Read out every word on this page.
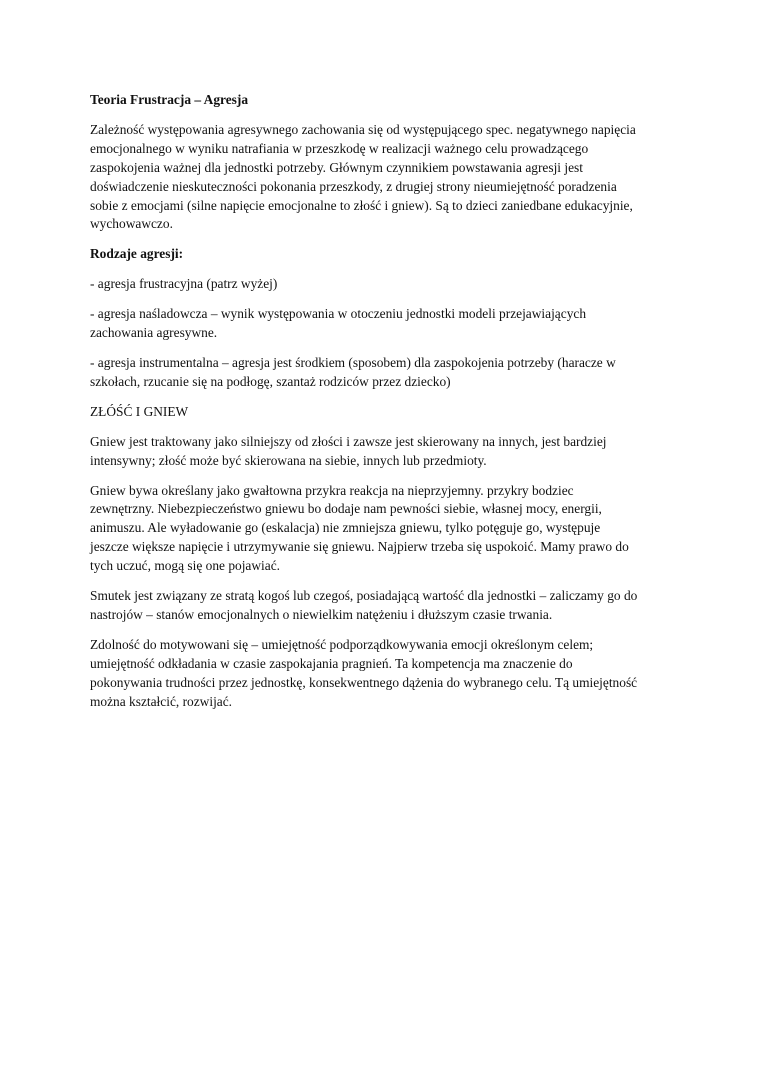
Teoria Frustracja – Agresja

Zależność występowania agresywnego zachowania się od występującego spec. negatywnego napięcia
emocjonalnego w wyniku natrafiania w przeszkodę w realizacji ważnego celu prowadzącego
zaspokojenia ważnej dla jednostki potrzeby. Głównym czynnikiem powstawania agresji jest
doświadczenie nieskuteczności pokonania przeszkody, z drugiej strony nieumiejętność poradzenia
sobie z emocjami (silne napięcie emocjonalne to złość i gniew). Są to dzieci zaniedbane edukacyjnie,
wychowawczo.

Rodzaje agresji:

- agresja frustracyjna (patrz wyżej)

- agresja naśladowcza – wynik występowania w otoczeniu jednostki modeli przejawiających
zachowania agresywne.

- agresja instrumentalna – agresja jest środkiem (sposobem) dla zaspokojenia potrzeby (haracze w
szkołach, rzucanie się na podłogę, szantaż rodziców przez dziecko)

ZŁÓŚĆ I GNIEW

Gniew jest traktowany jako silniejszy od złości i zawsze jest skierowany na innych, jest bardziej
intensywny; złość może być skierowana na siebie, innych lub przedmioty.

Gniew bywa określany jako gwałtowna przykra reakcja na nieprzyjemny. przykry bodziec
zewnętrzny. Niebezpieczeństwo gniewu bo dodaje nam pewności siebie, własnej mocy, energii,
animuszu. Ale wyładowanie go (eskalacja) nie zmniejsza gniewu, tylko potęguje go, występuje
jeszcze większe napięcie i utrzymywanie się gniewu. Najpierw trzeba się uspokoić. Mamy prawo do
tych uczuć, mogą się one pojawiać.

Smutek jest związany ze stratą kogoś lub czegoś, posiadającą wartość dla jednostki – zaliczamy go do
nastrojów – stanów emocjonalnych o niewielkim natężeniu i dłuższym czasie trwania.

Zdolność do motywowani się – umiejętność podporządkowywania emocji określonym celem;
umiejętność odkładania w czasie zaspokajania pragnień. Ta kompetencja ma znaczenie do
pokonywania trudności przez jednostkę, konsekwentnego dążenia do wybranego celu. Tą umiejętność
można kształcić, rozwijać.
